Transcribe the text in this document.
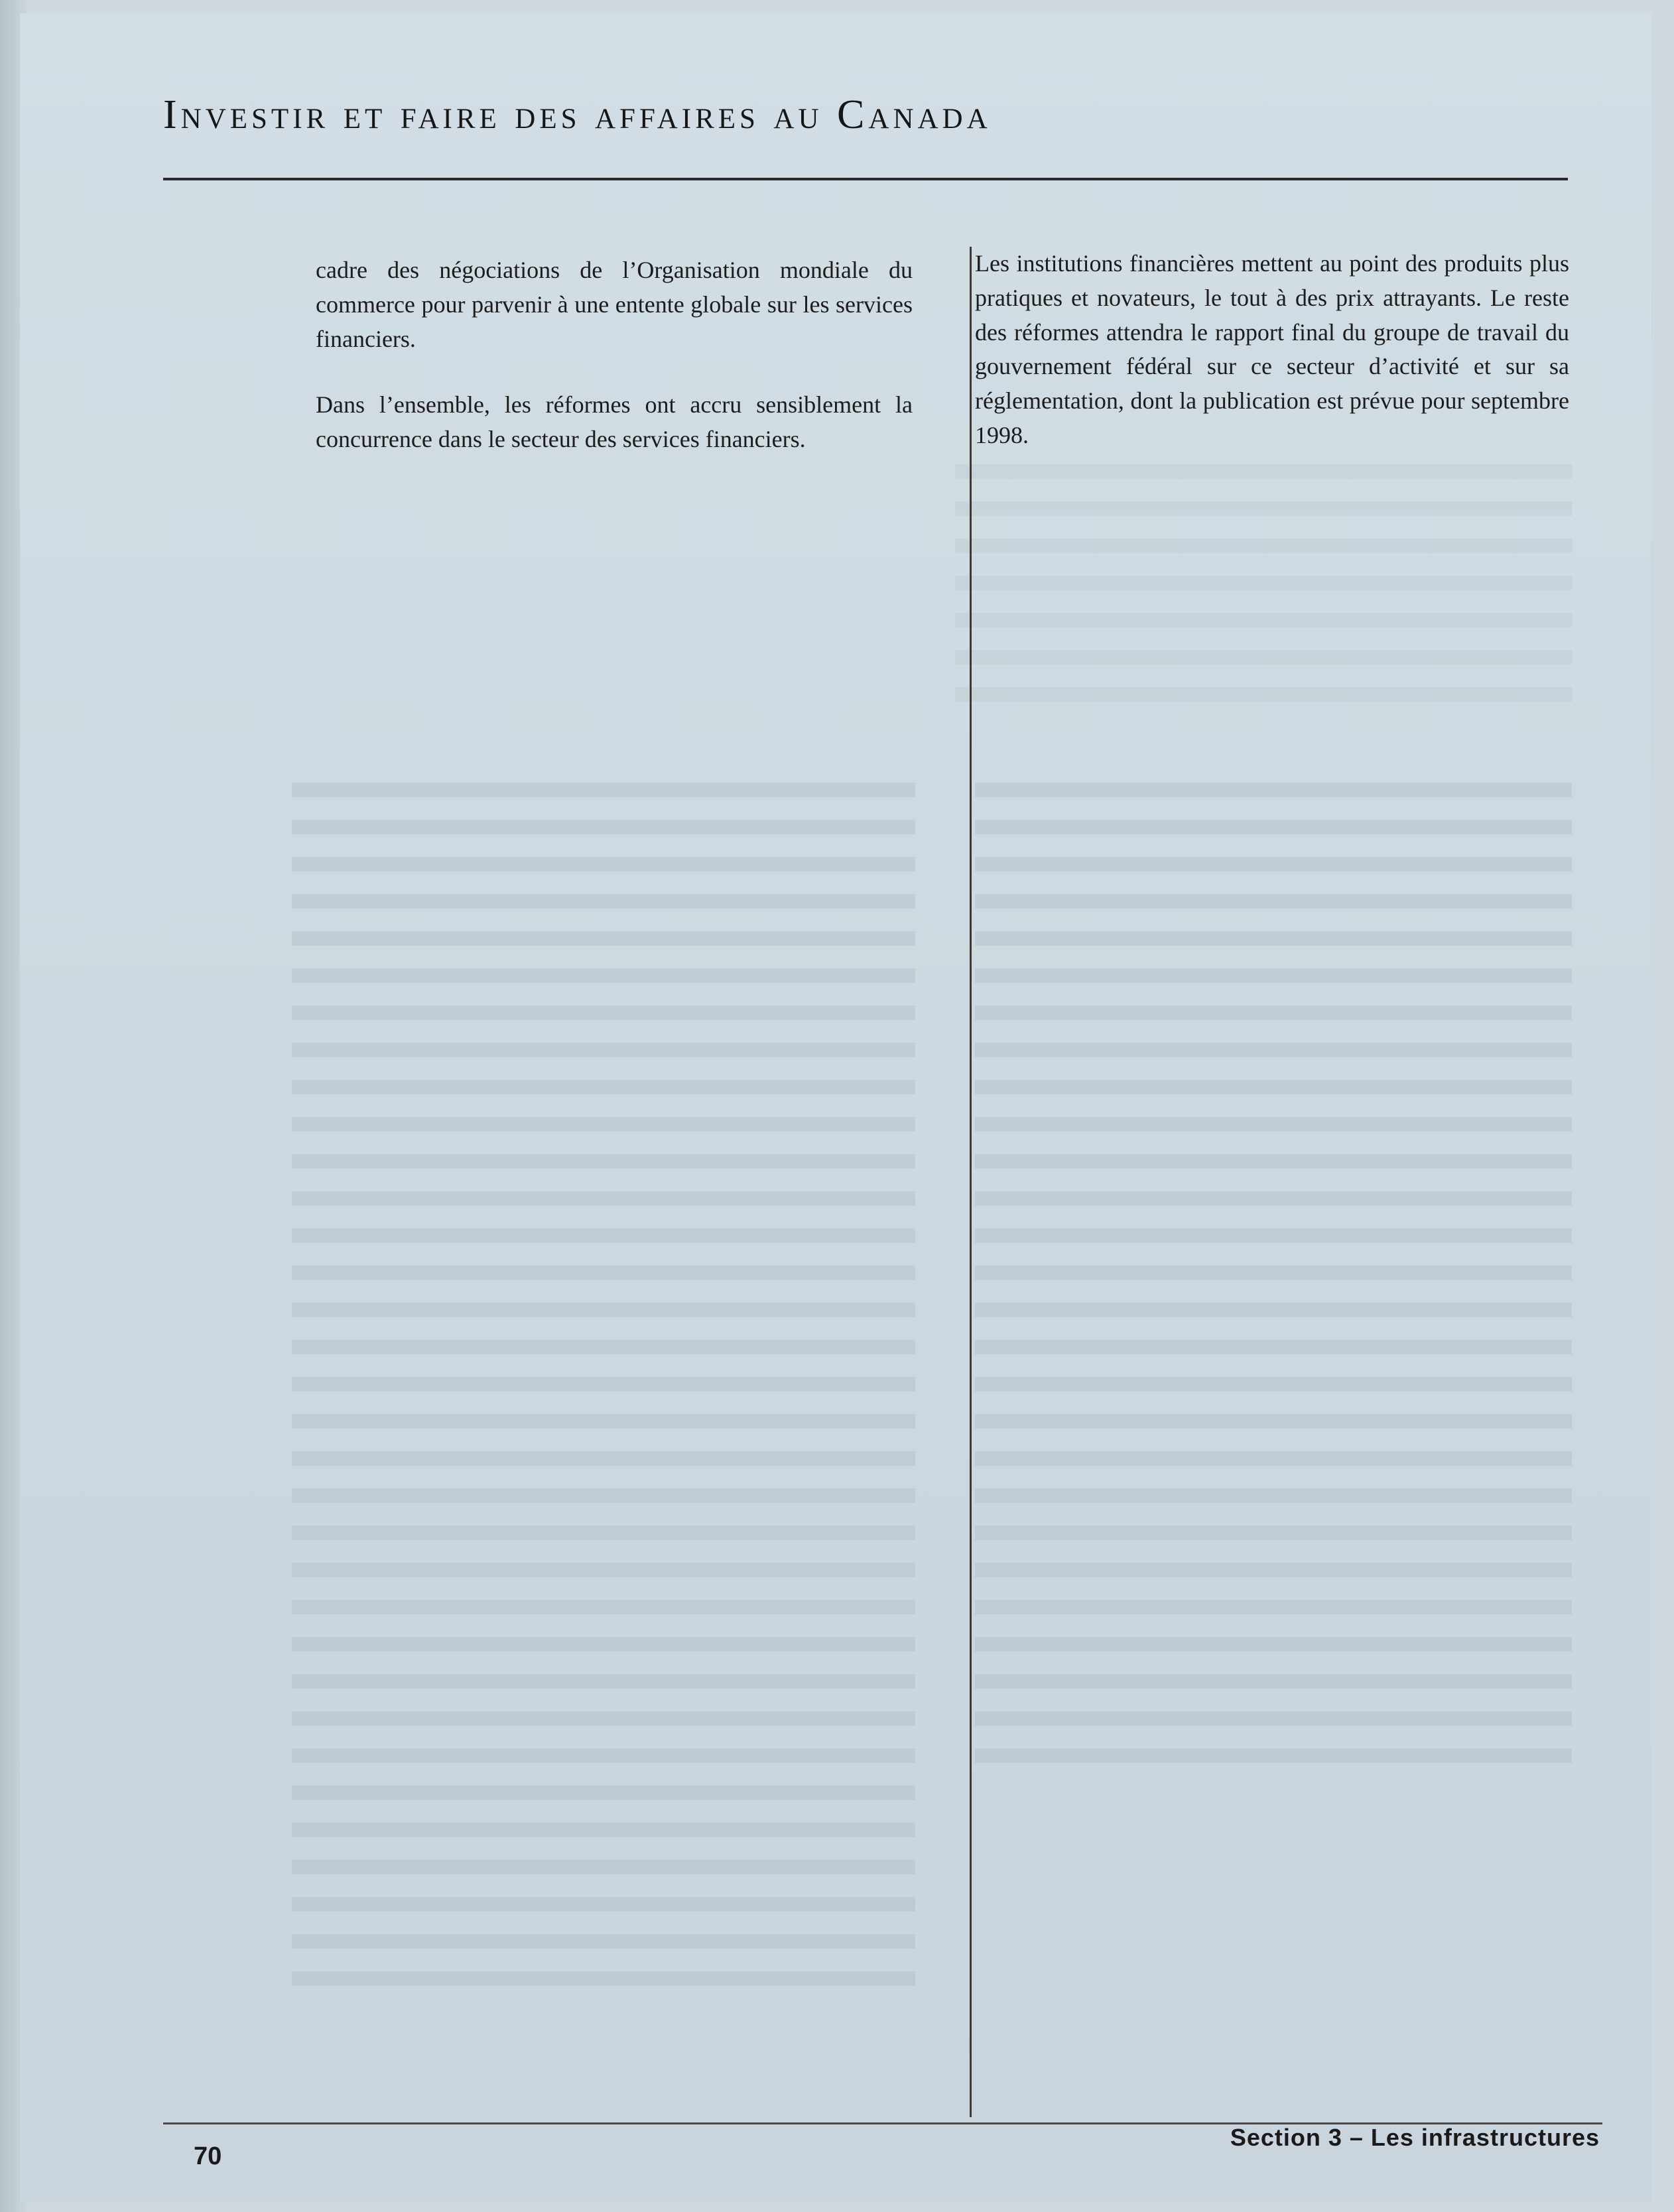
Investir et faire des affaires au Canada

cadre des négociations de l’Organisation mondiale du commerce pour parvenir à une entente globale sur les services financiers.

Dans l’ensemble, les réformes ont accru sensiblement la concurrence dans le secteur des services financiers.

Les institutions financières mettent au point des produits plus pratiques et novateurs, le tout à des prix attrayants. Le reste des réformes attendra le rapport final du groupe de travail du gouvernement fédéral sur ce secteur d’activité et sur sa réglementation, dont la publication est prévue pour septembre 1998.

70
Section 3 – Les infrastructures
